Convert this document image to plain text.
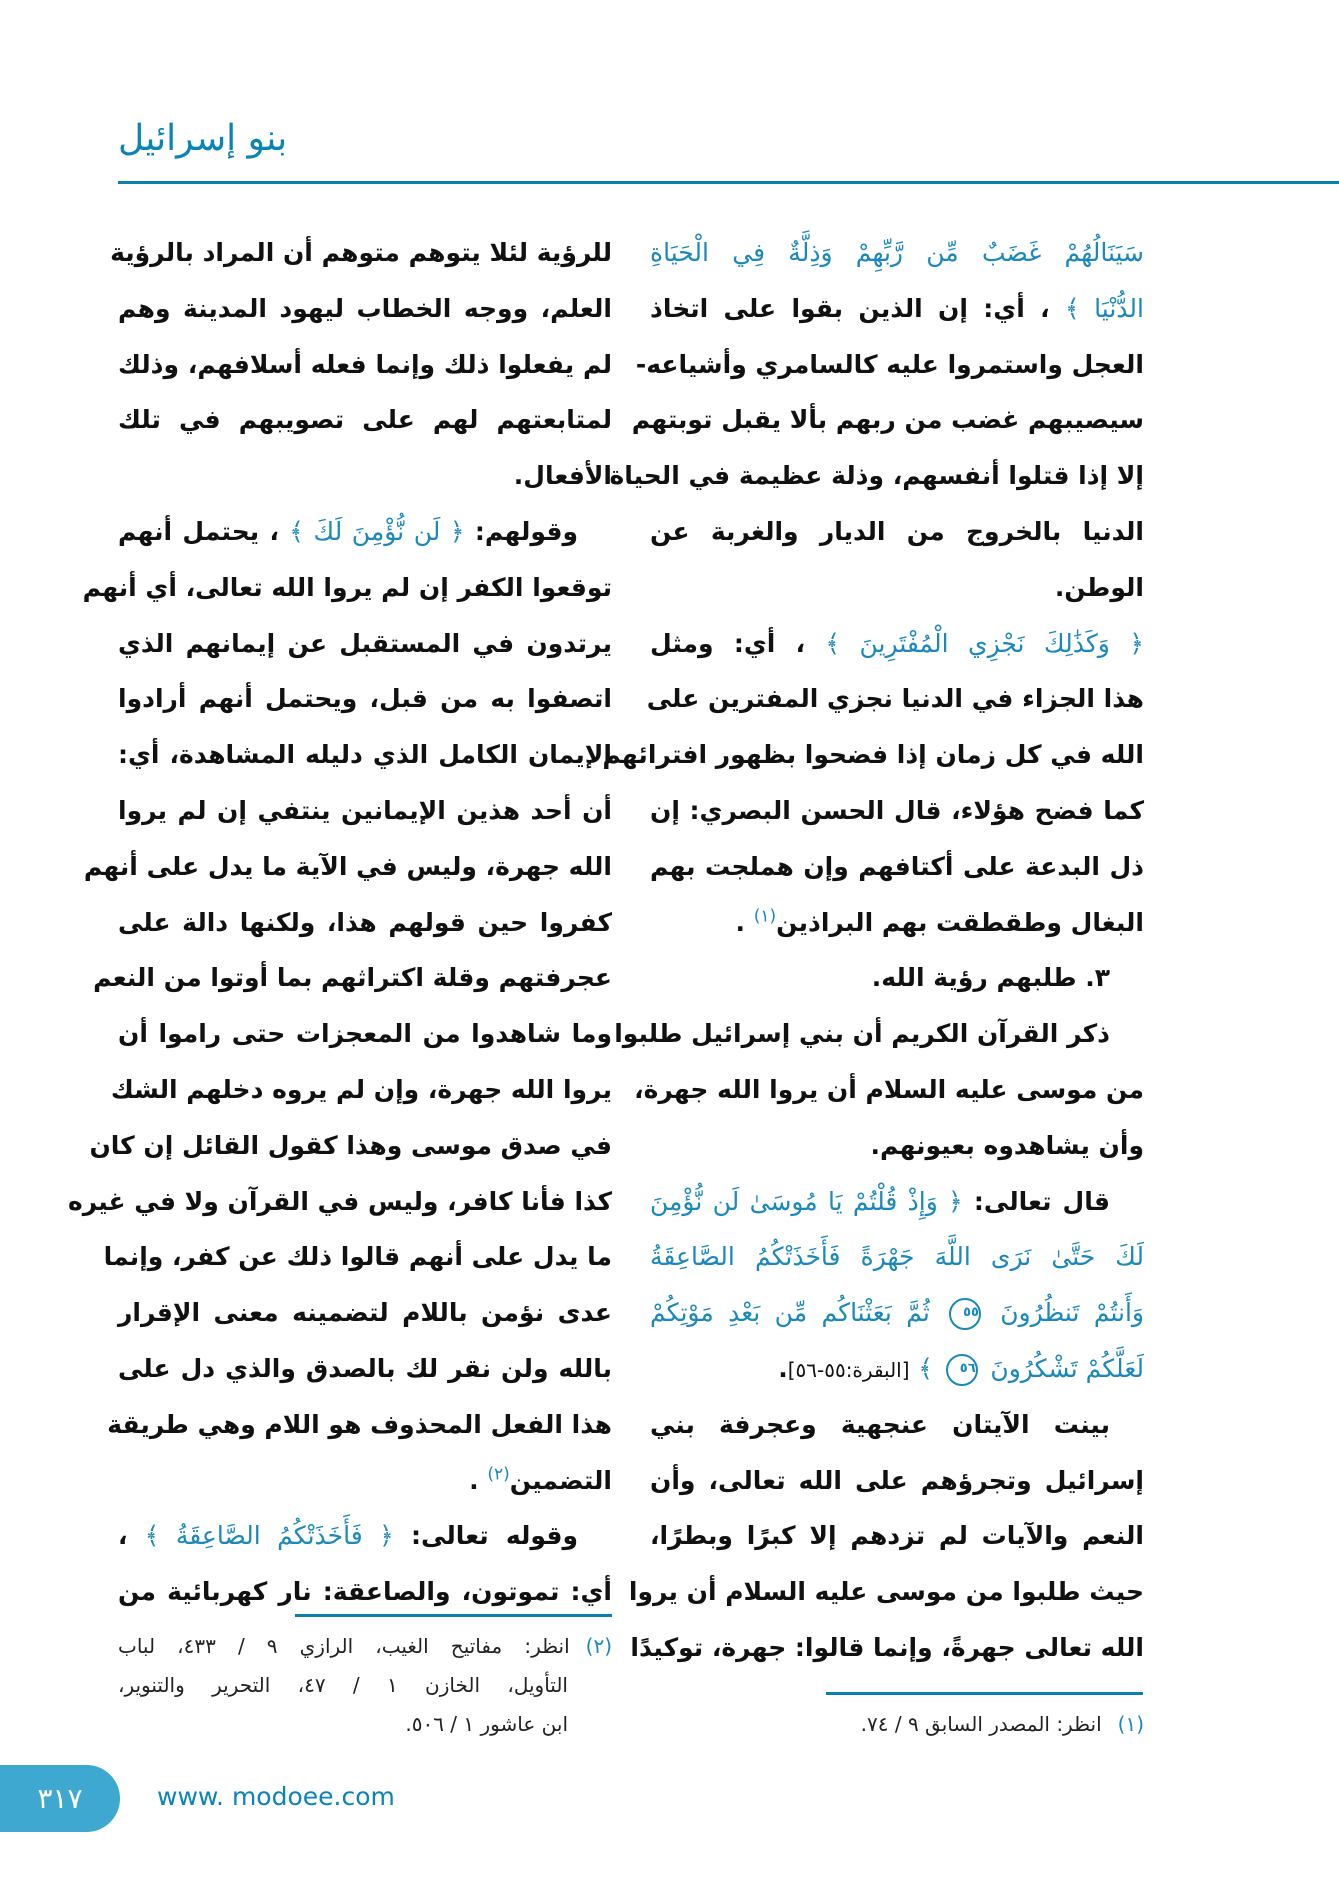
بنو إسرائيل
سَيَنَالُهُمْ غَضَبٌ مِّن رَّبِّهِمْ وَذِلَّةٌ فِي الْحَيَاةِ
الدُّنْيَا ﴾ ، أي: إن الذين بقوا على اتخاذ
العجل واستمروا عليه كالسامري وأشياعه-
سيصيبهم غضب من ربهم بألا يقبل توبتهم
إلا إذا قتلوا أنفسهم، وذلة عظيمة في الحياة
الدنيا بالخروج من الديار والغربة عن
الوطن.
﴿ وَكَذَٰلِكَ نَجْزِي الْمُفْتَرِينَ ﴾ ، أي: ومثل
هذا الجزاء في الدنيا نجزي المفترين على
الله في كل زمان إذا فضحوا بظهور افترائهم
كما فضح هؤلاء، قال الحسن البصري: إن
ذل البدعة على أكتافهم وإن هملجت بهم
البغال وطقطقت بهم البراذين$^{(١)}$ .
٣. طلبهم رؤية الله.
ذكر القرآن الكريم أن بني إسرائيل طلبوا
من موسى عليه السلام أن يروا الله جهرة،
وأن يشاهدوه بعيونهم.
قال تعالى: ﴿ وَإِذْ قُلْتُمْ يَا مُوسَىٰ لَن نُّؤْمِنَ
لَكَ حَتَّىٰ نَرَى اللَّهَ جَهْرَةً فَأَخَذَتْكُمُ الصَّاعِقَةُ
وَأَنتُمْ تَنظُرُونَ ٥٥ ثُمَّ بَعَثْنَاكُم مِّن بَعْدِ مَوْتِكُمْ
لَعَلَّكُمْ تَشْكُرُونَ ٥٦ ﴾ [البقرة:٥٥-٥٦].
بينت الآيتان عنجهية وعجرفة بني
إسرائيل وتجرؤهم على الله تعالى، وأن
النعم والآيات لم تزدهم إلا كبرًا وبطرًا،
حيث طلبوا من موسى عليه السلام أن يروا
الله تعالى جهرةً، وإنما قالوا: جهرة، توكيدًا
للرؤية لئلا يتوهم متوهم أن المراد بالرؤية
العلم، ووجه الخطاب ليهود المدينة وهم
لم يفعلوا ذلك وإنما فعله أسلافهم، وذلك
لمتابعتهم لهم على تصويبهم في تلك
الأفعال.
وقولهم: ﴿ لَن نُّؤْمِنَ لَكَ ﴾ ، يحتمل أنهم
توقعوا الكفر إن لم يروا الله تعالى، أي أنهم
يرتدون في المستقبل عن إيمانهم الذي
اتصفوا به من قبل، ويحتمل أنهم أرادوا
الإيمان الكامل الذي دليله المشاهدة، أي:
أن أحد هذين الإيمانين ينتفي إن لم يروا
الله جهرة، وليس في الآية ما يدل على أنهم
كفروا حين قولهم هذا، ولكنها دالة على
عجرفتهم وقلة اكتراثهم بما أوتوا من النعم
وما شاهدوا من المعجزات حتى راموا أن
يروا الله جهرة، وإن لم يروه دخلهم الشك
في صدق موسى وهذا كقول القائل إن كان
كذا فأنا كافر، وليس في القرآن ولا في غيره
ما يدل على أنهم قالوا ذلك عن كفر، وإنما
عدى نؤمن باللام لتضمينه معنى الإقرار
بالله ولن نقر لك بالصدق والذي دل على
هذا الفعل المحذوف هو اللام وهي طريقة
التضمين$^{(٢)}$ .
وقوله تعالى: ﴿ فَأَخَذَتْكُمُ الصَّاعِقَةُ ﴾ ،
أي: تموتون، والصاعقة: نار كهربائية من
(١)انظر: المصدر السابق ٩ / ٧٤.
(٢)انظر: مفاتيح الغيب، الرازي ٩ / ٤٣٣، لباب
التأويل، الخازن ١ / ٤٧، التحرير والتنوير،
ابن عاشور ١ / ٥٠٦.
٣١٧	www. modoee.com
